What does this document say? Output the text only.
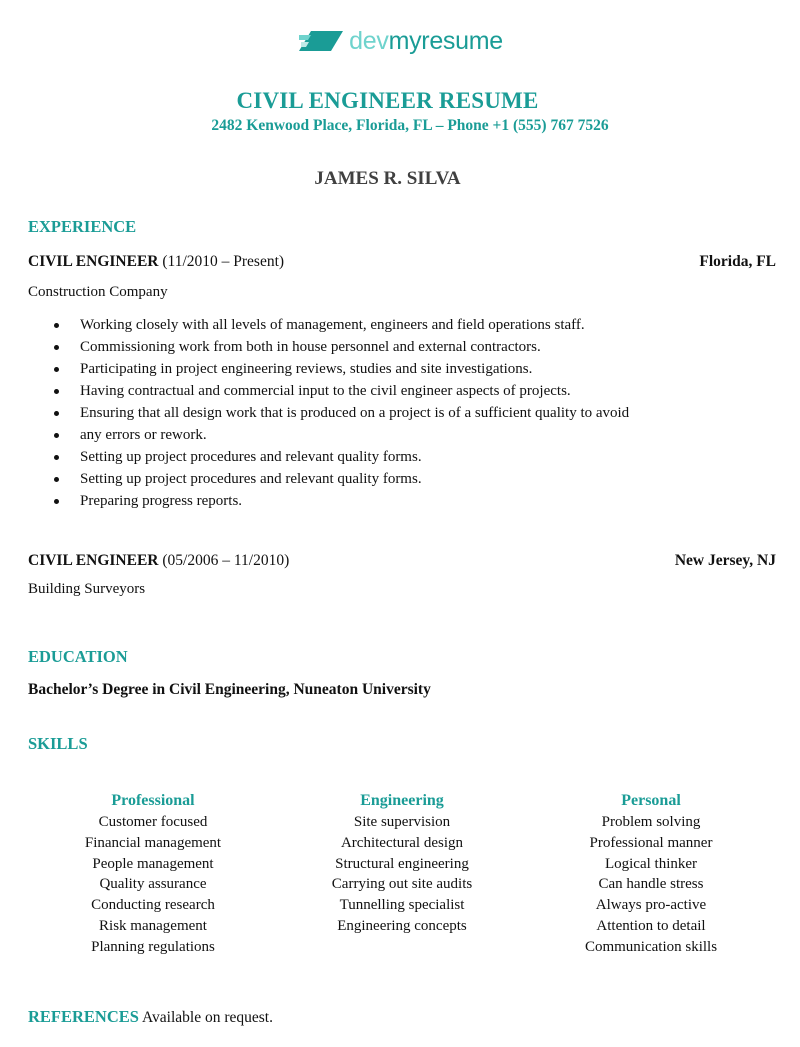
devmyresume
CIVIL ENGINEER RESUME
2482 Kenwood Place, Florida, FL – Phone +1 (555) 767 7526
JAMES R. SILVA
EXPERIENCE
CIVIL ENGINEER (11/2010 – Present)	Florida, FL
Construction Company
Working closely with all levels of management, engineers and field operations staff.
Commissioning work from both in house personnel and external contractors.
Participating in project engineering reviews, studies and site investigations.
Having contractual and commercial input to the civil engineer aspects of projects.
Ensuring that all design work that is produced on a project is of a sufficient quality to avoid
any errors or rework.
Setting up project procedures and relevant quality forms.
Setting up project procedures and relevant quality forms.
Preparing progress reports.
CIVIL ENGINEER (05/2006 – 11/2010)	New Jersey, NJ
Building Surveyors
EDUCATION
Bachelor’s Degree in Civil Engineering, Nuneaton University
SKILLS
Professional
Customer focused
Financial management
People management
Quality assurance
Conducting research
Risk management
Planning regulations
Engineering
Site supervision
Architectural design
Structural engineering
Carrying out site audits
Tunnelling specialist
Engineering concepts
Personal
Problem solving
Professional manner
Logical thinker
Can handle stress
Always pro-active
Attention to detail
Communication skills
REFERENCES Available on request.
